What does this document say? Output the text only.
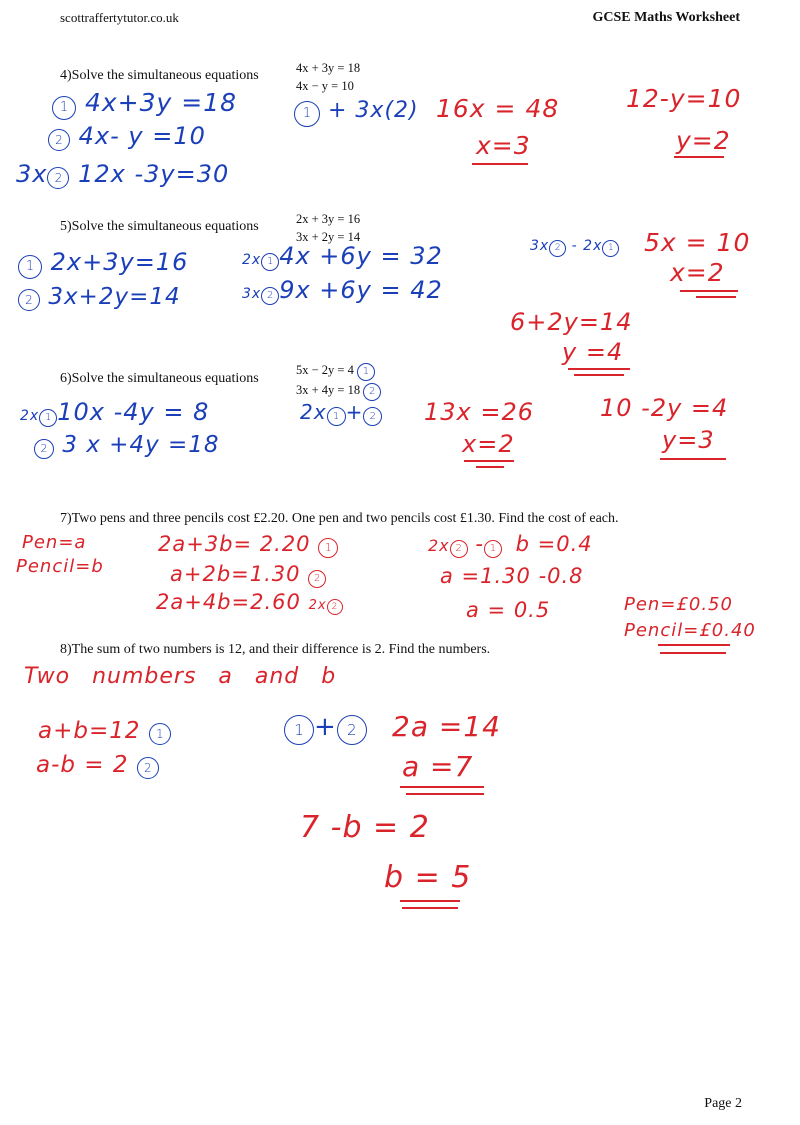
scottraffertytutor.co.uk	GCSE Maths Worksheet
4)Solve the simultaneous equations	4x + 3y = 18
4x − y = 10
1 4x+3y =18
2 4x- y =10
3x 2 12x -3y=30
1 + 3x(2) 16x = 48
x=3
12-y=10
y=2
5)Solve the simultaneous equations	2x + 3y = 16
3x + 2y = 14
1 2x+3y=16
2 3x+2y=14
2x 1 4x +6y = 32
3x 2 9x +6y = 42
3x 2 - 2x 1 5x = 10
x=2
6+2y=14
y =4
6)Solve the simultaneous equations
5x − 2y = 4 1
3x + 4y = 18 2
2x 1 10x -4y = 8
2 3 x +4y =18
2x 1 + 2 13x =26
x=2
10 -2y =4
y=3
7)Two pens and three pencils cost £2.20. One pen and two pencils cost £1.30. Find the cost of each.
Pen=a
Pencil=b
2a+3b= 2.20 1
a+2b=1.30 2
2a+4b=2.60 2x 2
2x 2 - 1 b =0.4
a =1.30 -0.8
a = 0.5	Pen=£0.50
Pencil=£0.40
8)The sum of two numbers is 12, and their difference is 2. Find the numbers.
Two numbers a and b
a+b=12 1
a-b = 2 2
1 + 2	2a =14
a =7
7 -b = 2
b = 5
Page 2
